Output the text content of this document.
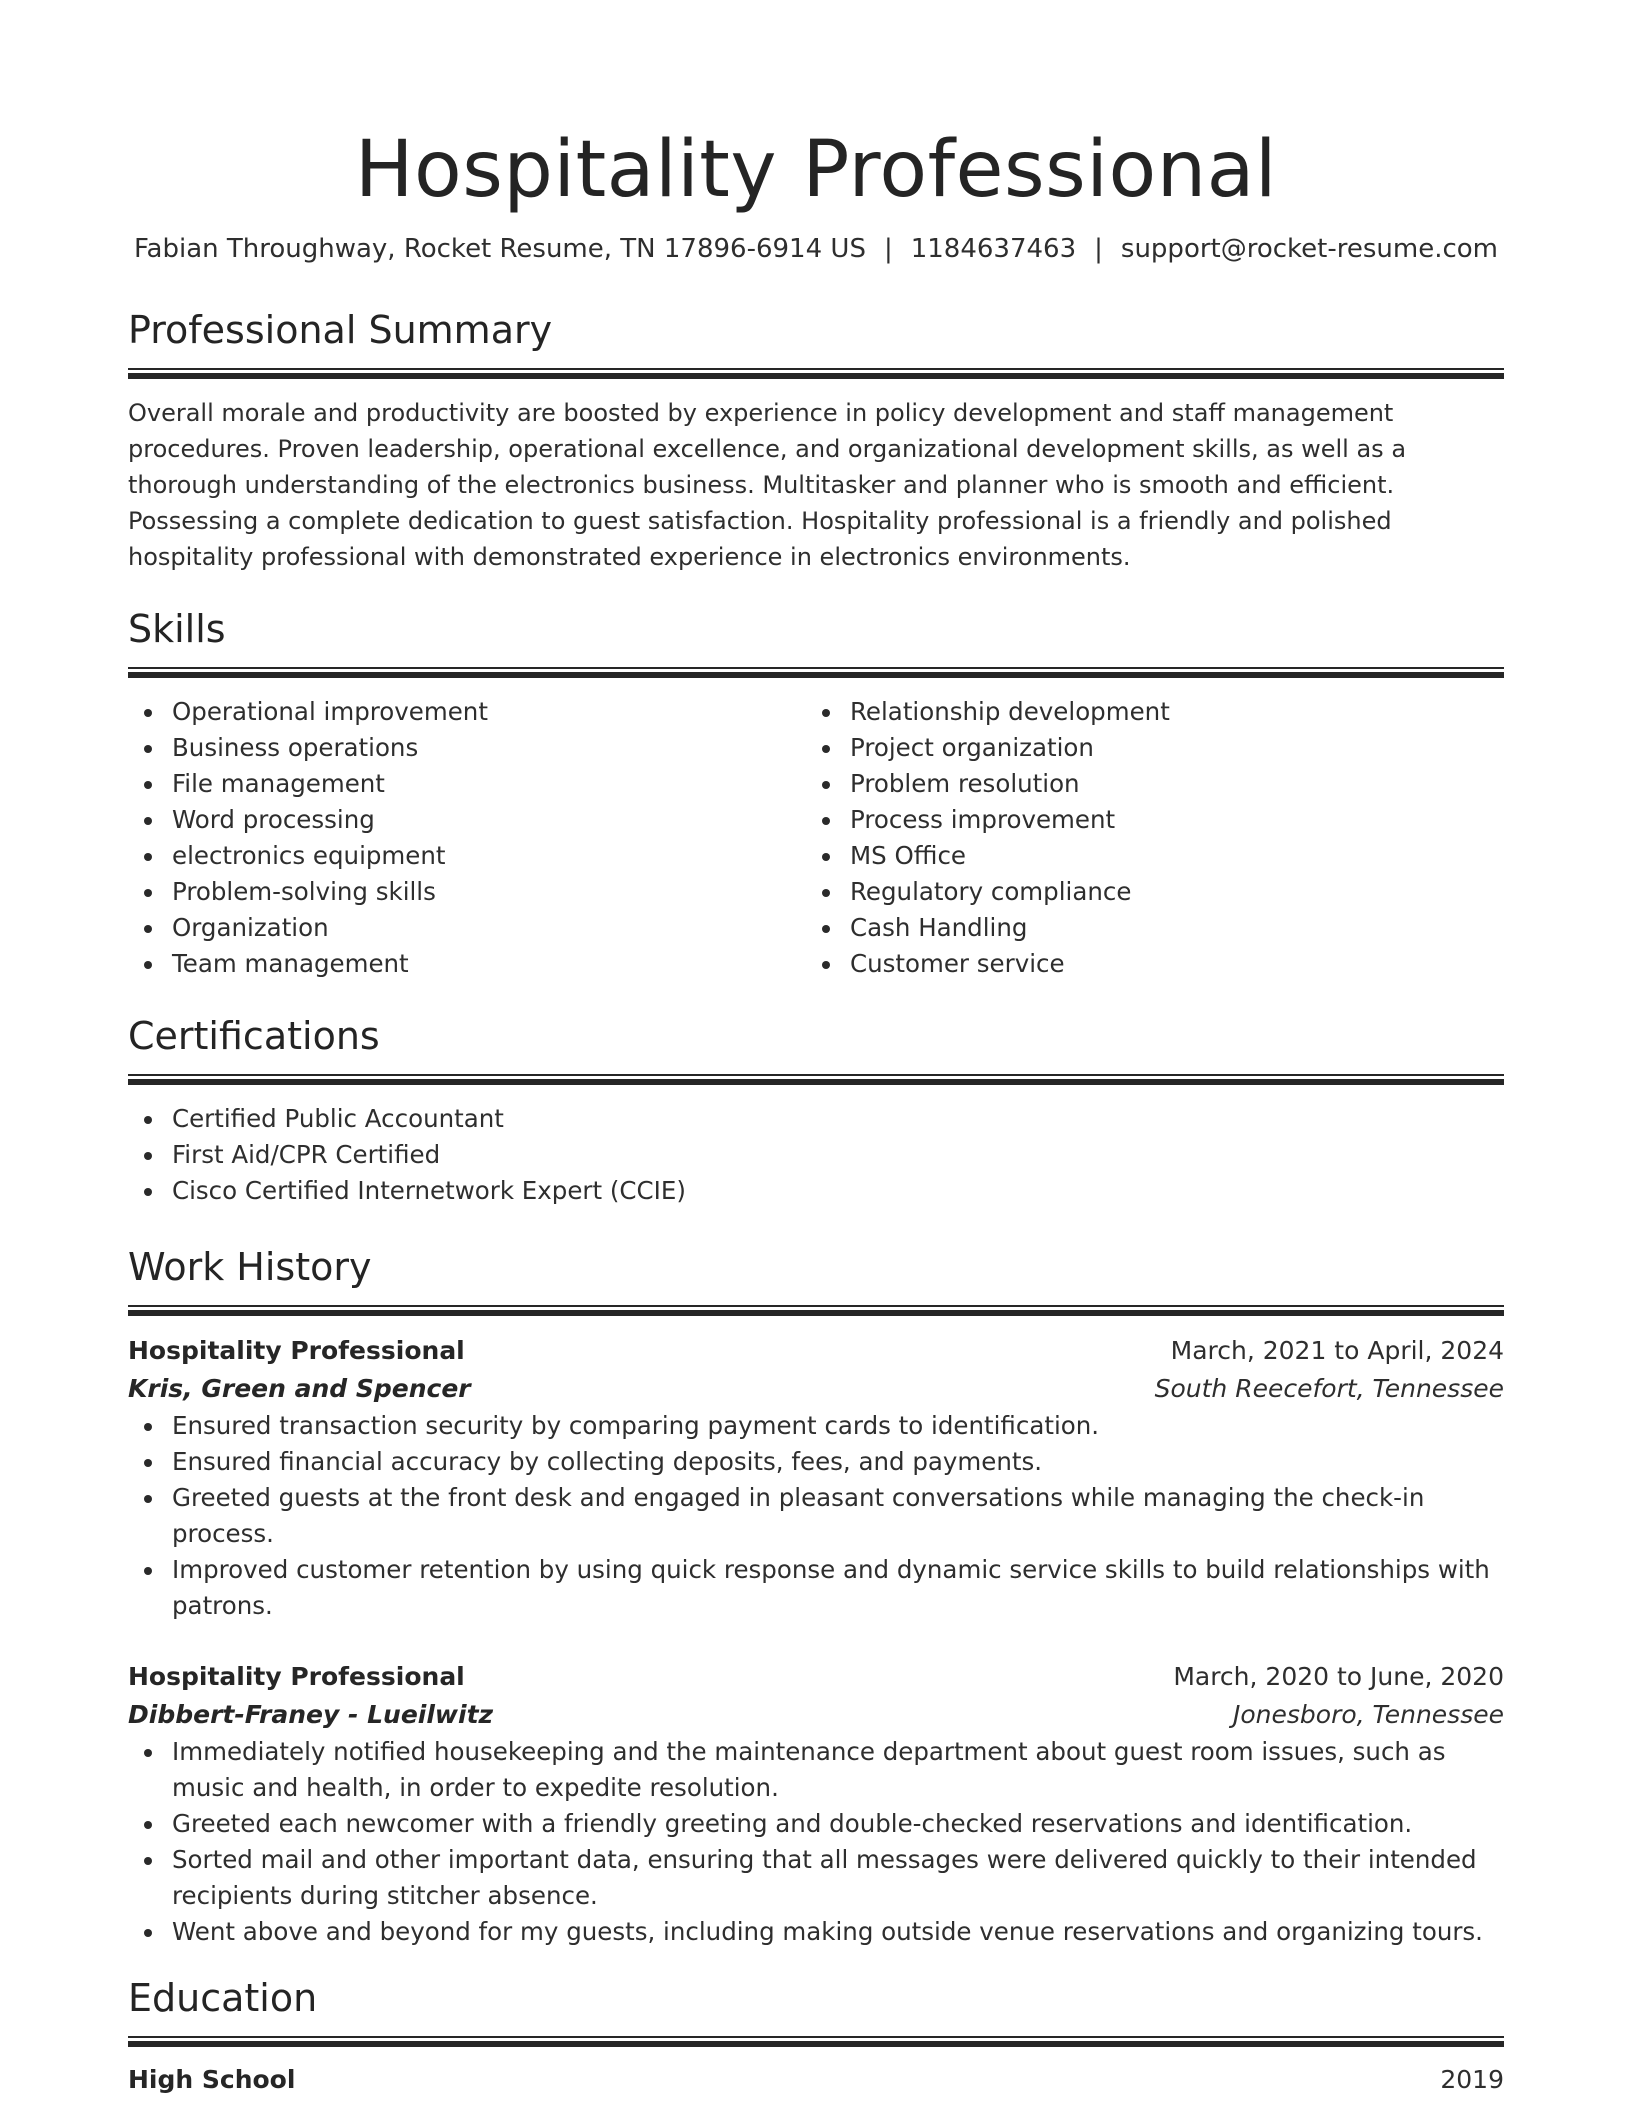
Hospitality Professional
Fabian Throughway, Rocket Resume, TN 17896-6914 US | 1184637463 | support@rocket-resume.com
Professional Summary

Overall morale and productivity are boosted by experience in policy development and staff management procedures. Proven leadership, operational excellence, and organizational development skills, as well as a thorough understanding of the electronics business. Multitasker and planner who is smooth and efficient. Possessing a complete dedication to guest satisfaction. Hospitality professional is a friendly and polished hospitality professional with demonstrated experience in electronics environments.

Skills
Operational improvement
Business operations
File management
Word processing
electronics equipment
Problem-solving skills
Organization
Team management
Relationship development
Project organization
Problem resolution
Process improvement
MS Office
Regulatory compliance
Cash Handling
Customer service
Certifications
Certified Public Accountant
First Aid/CPR Certified
Cisco Certified Internetwork Expert (CCIE)
Work History
Hospitality Professional	March, 2021 to April, 2024
Kris, Green and Spencer	South Reecefort, Tennessee
Ensured transaction security by comparing payment cards to identification.
Ensured financial accuracy by collecting deposits, fees, and payments.
Greeted guests at the front desk and engaged in pleasant conversations while managing the check-in process.
Improved customer retention by using quick response and dynamic service skills to build relationships with patrons.
Hospitality Professional	March, 2020 to June, 2020
Dibbert-Franey - Lueilwitz	Jonesboro, Tennessee
Immediately notified housekeeping and the maintenance department about guest room issues, such as music and health, in order to expedite resolution.
Greeted each newcomer with a friendly greeting and double-checked reservations and identification.
Sorted mail and other important data, ensuring that all messages were delivered quickly to their intended recipients during stitcher absence.
Went above and beyond for my guests, including making outside venue reservations and organizing tours.
Education
High School	2019
